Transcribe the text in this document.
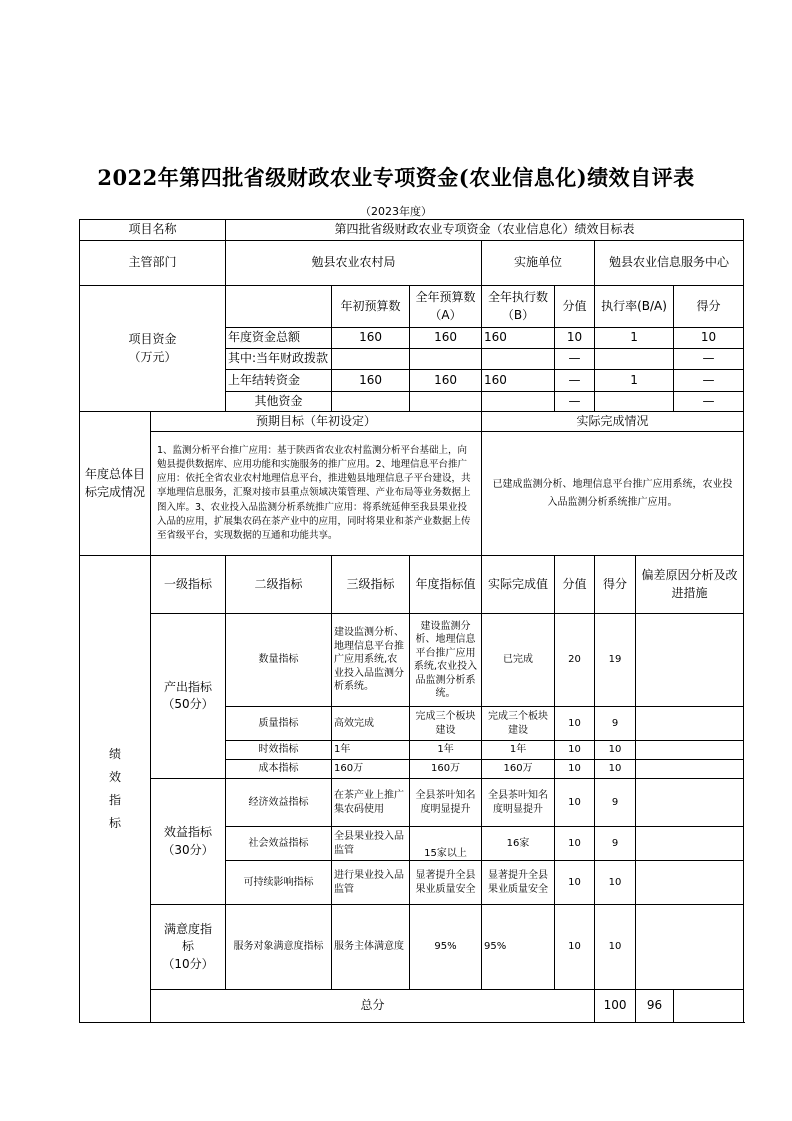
2022年第四批省级财政农业专项资金(农业信息化)绩效自评表
（2023年度）
项目名称		第四批省级财政农业专项资金（农业信息化）绩效目标表							
主管部门		勉县农业农村局			实施单位		勉县农业信息服务中心		

项目资金
（万元）			年初预算数	全年预算数（A）	全年执行数（B）	分值	执行率(B/A)		得分
		年度资金总额	160	160	160	10	1		10
		其中:当年财政拨款				—			—
		上年结转资金	160	160	160	—	1		—
		其他资金				—			—
年度总体目标完成情况	预期目标（年初设定）				实际完成情况				
	1、监测分析平台推广应用：基于陕西省农业农村监测分析平台基础上，向勉县提供数据库、应用功能和实施服务的推广应用。2、地理信息平台推广应用：依托全省农业农村地理信息平台，推进勉县地理信息子平台建设，共享地理信息服务，汇聚对接市县重点领域决策管理、产业布局等业务数据上图入库。3、农业投入品监测分析系统推广应用：将系统延伸至我县果业投入品的应用，扩展集农码在茶产业中的应用，同时将果业和茶产业数据上传至省级平台，实现数据的互通和功能共享。				已建成监测分析、地理信息平台推广应用系统，农业投入品监测分析系统推广应用。				
绩效指标	一级指标	二级指标	三级指标	年度指标值	实际完成值	分值	得分	偏差原因分析及改进措施	

	产出指标
（50分）	数量指标	建设监测分析、地理信息平台推广应用系统,农业投入品监测分析系统。	建设监测分析、地理信息平台推广应用系统,农业投入品监测分析系统。	已完成	20	19		
		质量指标	高效完成	完成三个板块建设	完成三个板块建设	10	9		
		时效指标	1年	1年	1年	10	10		
		成本指标	160万	160万	160万	10	10		

	效益指标
（30分）	经济效益指标	在茶产业上推广集农码使用	全县茶叶知名度明显提升	全县茶叶知名度明显提升	10	9		
		社会效益指标	全县果业投入品监管	15家以上	16家	10	9		
		可持续影响指标	进行果业投入品监管	显著提升全县果业质量安全	显著提升全县果业质量安全	10	10		

	满意度指标
（10分）	服务对象满意度指标	服务主体满意度	95%	95%	10	10		
	总分						100	96	
